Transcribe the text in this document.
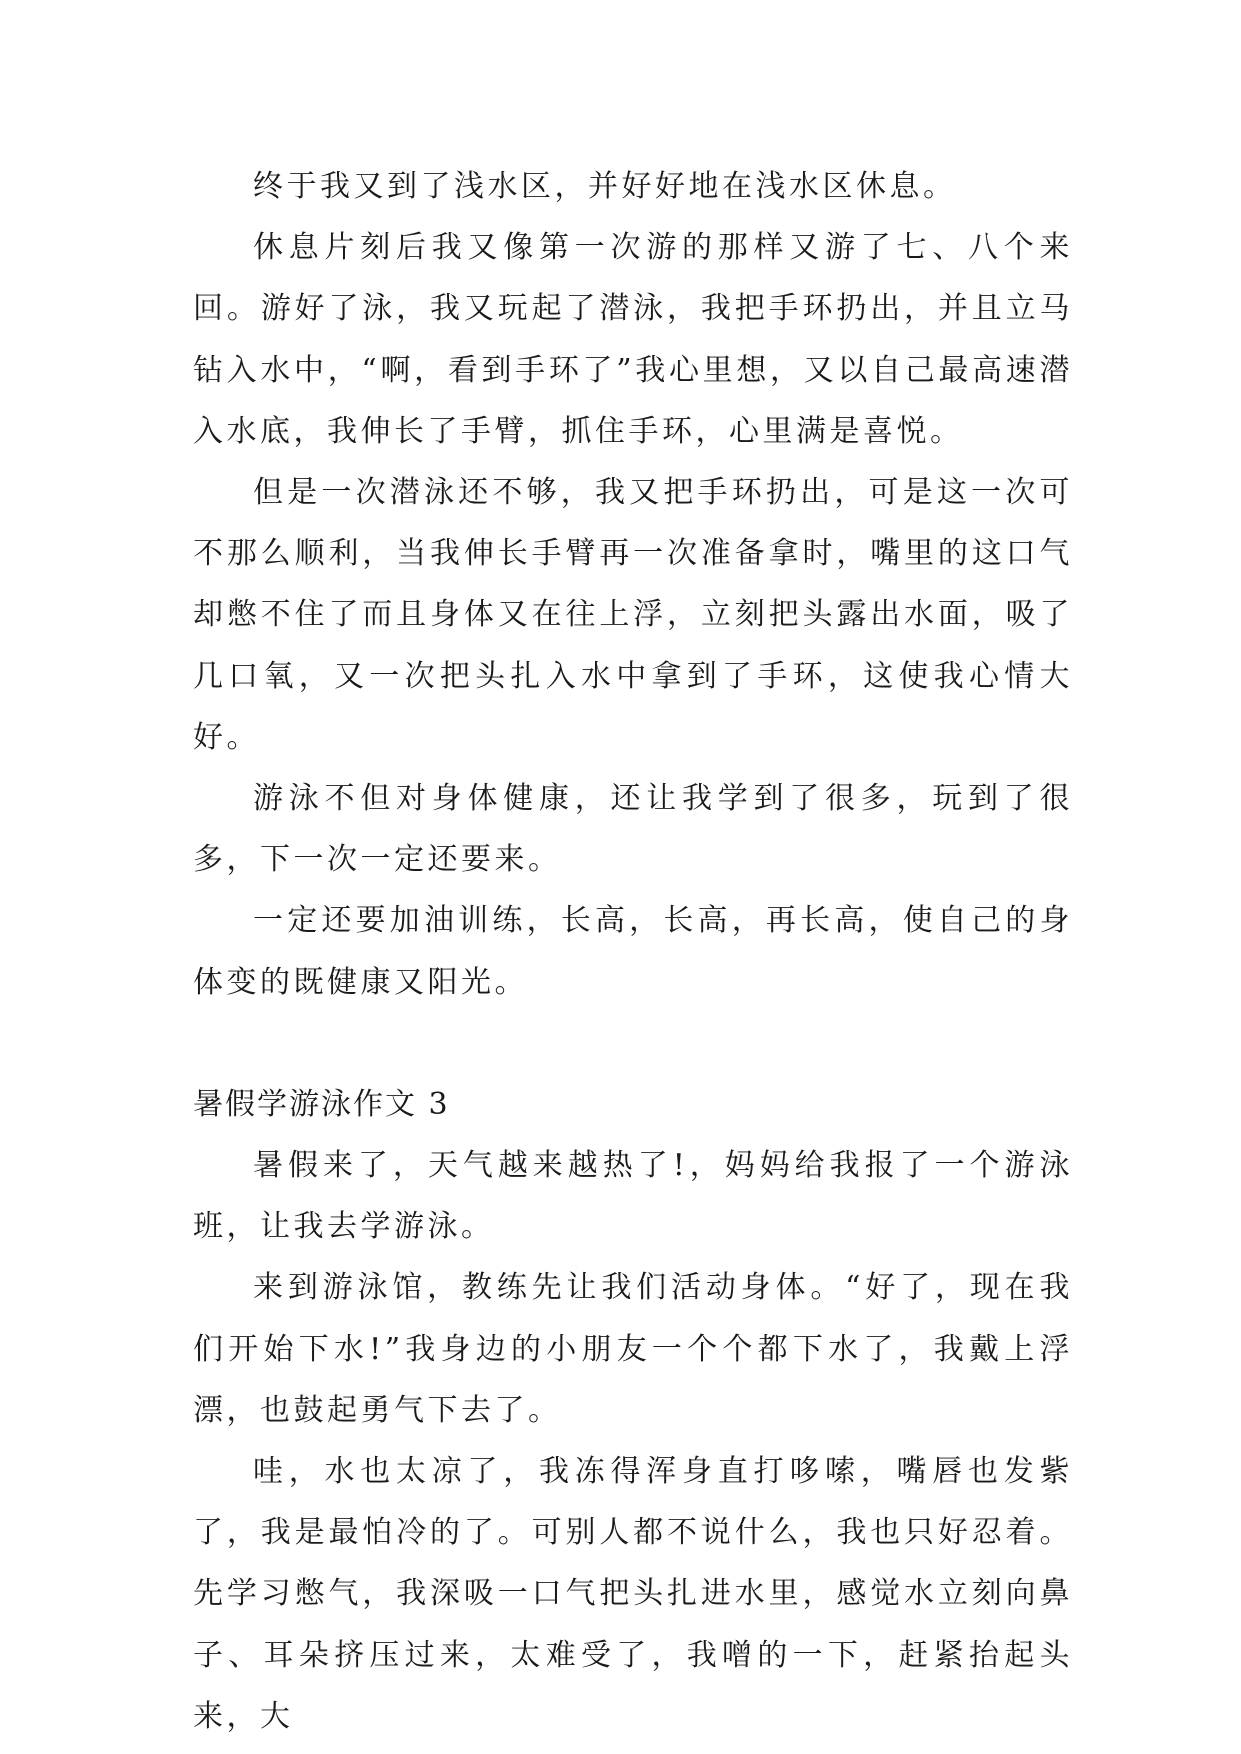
终于我又到了浅水区，并好好地在浅水区休息。

休息片刻后我又像第一次游的那样又游了七、八个来回。游好了泳，我又玩起了潜泳，我把手环扔出，并且立马钻入水中，“啊，看到手环了”我心里想，又以自己最高速潜入水底，我伸长了手臂，抓住手环，心里满是喜悦。

但是一次潜泳还不够，我又把手环扔出，可是这一次可不那么顺利，当我伸长手臂再一次准备拿时，嘴里的这口气却憋不住了而且身体又在往上浮，立刻把头露出水面，吸了几口氧，又一次把头扎入水中拿到了手环，这使我心情大好。

游泳不但对身体健康，还让我学到了很多，玩到了很多，下一次一定还要来。

一定还要加油训练，长高，长高，再长高，使自己的身体变的既健康又阳光。

暑假学游泳作文 3

暑假来了，天气越来越热了!，妈妈给我报了一个游泳班，让我去学游泳。

来到游泳馆，教练先让我们活动身体。“好了，现在我们开始下水!”我身边的小朋友一个个都下水了，我戴上浮漂，也鼓起勇气下去了。

哇，水也太凉了，我冻得浑身直打哆嗦，嘴唇也发紫了，我是最怕冷的了。可别人都不说什么，我也只好忍着。先学习憋气，我深吸一口气把头扎进水里，感觉水立刻向鼻子、耳朵挤压过来，太难受了，我噌的一下，赶紧抬起头来，大
